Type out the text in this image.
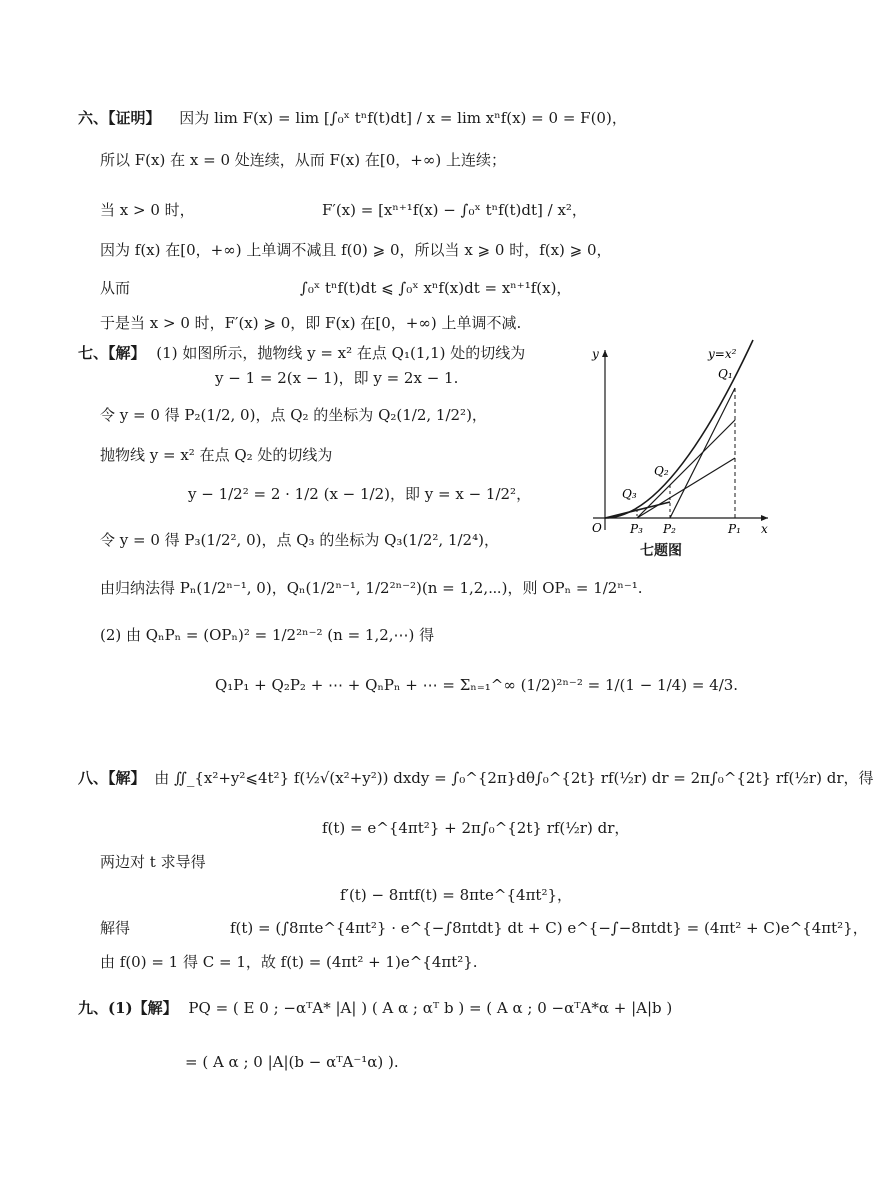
六、【证明】 因为 lim F(x) = lim [∫₀ˣ tⁿf(t)dt] / x = lim xⁿf(x) = 0 = F(0)，
所以 F(x) 在 x = 0 处连续，从而 F(x) 在[0，+∞) 上连续；
当 x > 0 时，	F′(x) = [xⁿ⁺¹f(x) − ∫₀ˣ tⁿf(t)dt] / x²，
因为 f(x) 在[0，+∞) 上单调不减且 f(0) ⩾ 0，所以当 x ⩾ 0 时，f(x) ⩾ 0，
从而	∫₀ˣ tⁿf(t)dt ⩽ ∫₀ˣ xⁿf(x)dt = xⁿ⁺¹f(x)，
于是当 x > 0 时，F′(x) ⩾ 0，即 F(x) 在[0，+∞) 上单调不减.
七、【解】 (1) 如图所示，抛物线 y = x² 在点 Q₁(1,1) 处的切线为
y − 1 = 2(x − 1)，即 y = 2x − 1.
令 y = 0 得 P₂(1/2, 0)，点 Q₂ 的坐标为 Q₂(1/2, 1/2²)，
抛物线 y = x² 在点 Q₂ 处的切线为
y − 1/2² = 2 · 1/2 (x − 1/2)，即 y = x − 1/2²，
令 y = 0 得 P₃(1/2², 0)，点 Q₃ 的坐标为 Q₃(1/2², 1/2⁴)，
由归纳法得 Pₙ(1/2ⁿ⁻¹, 0)，Qₙ(1/2ⁿ⁻¹, 1/2²ⁿ⁻²)(n = 1,2,⋯)，则 OPₙ = 1/2ⁿ⁻¹.
(2) 由 QₙPₙ = (OPₙ)² = 1/2²ⁿ⁻² (n = 1,2,⋯) 得
Q₁P₁ + Q₂P₂ + ⋯ + QₙPₙ + ⋯ = Σₙ₌₁^∞ (1/2)²ⁿ⁻² = 1/(1 − 1/4) = 4/3.
y=x²
x
y
O
Q₁
Q₂
Q₃
P₁
P₂
P₃
七题图
八、【解】 由 ∬_{x²+y²⩽4t²} f(½√(x²+y²)) dxdy = ∫₀^{2π}dθ∫₀^{2t} rf(½r) dr = 2π∫₀^{2t} rf(½r) dr，得
f(t) = e^{4πt²} + 2π∫₀^{2t} rf(½r) dr，
两边对 t 求导得
f′(t) − 8πtf(t) = 8πte^{4πt²}，
解得	f(t) = (∫8πte^{4πt²} · e^{−∫8πtdt} dt + C) e^{−∫−8πtdt} = (4πt² + C)e^{4πt²}，
由 f(0) = 1 得 C = 1，故 f(t) = (4πt² + 1)e^{4πt²}.
九、(1)【解】 PQ = ( E 0 ; −αᵀA* |A| ) ( A α ; αᵀ b ) = ( A α ; 0 −αᵀA*α + |A|b )
= ( A α ; 0 |A|(b − αᵀA⁻¹α) ).
